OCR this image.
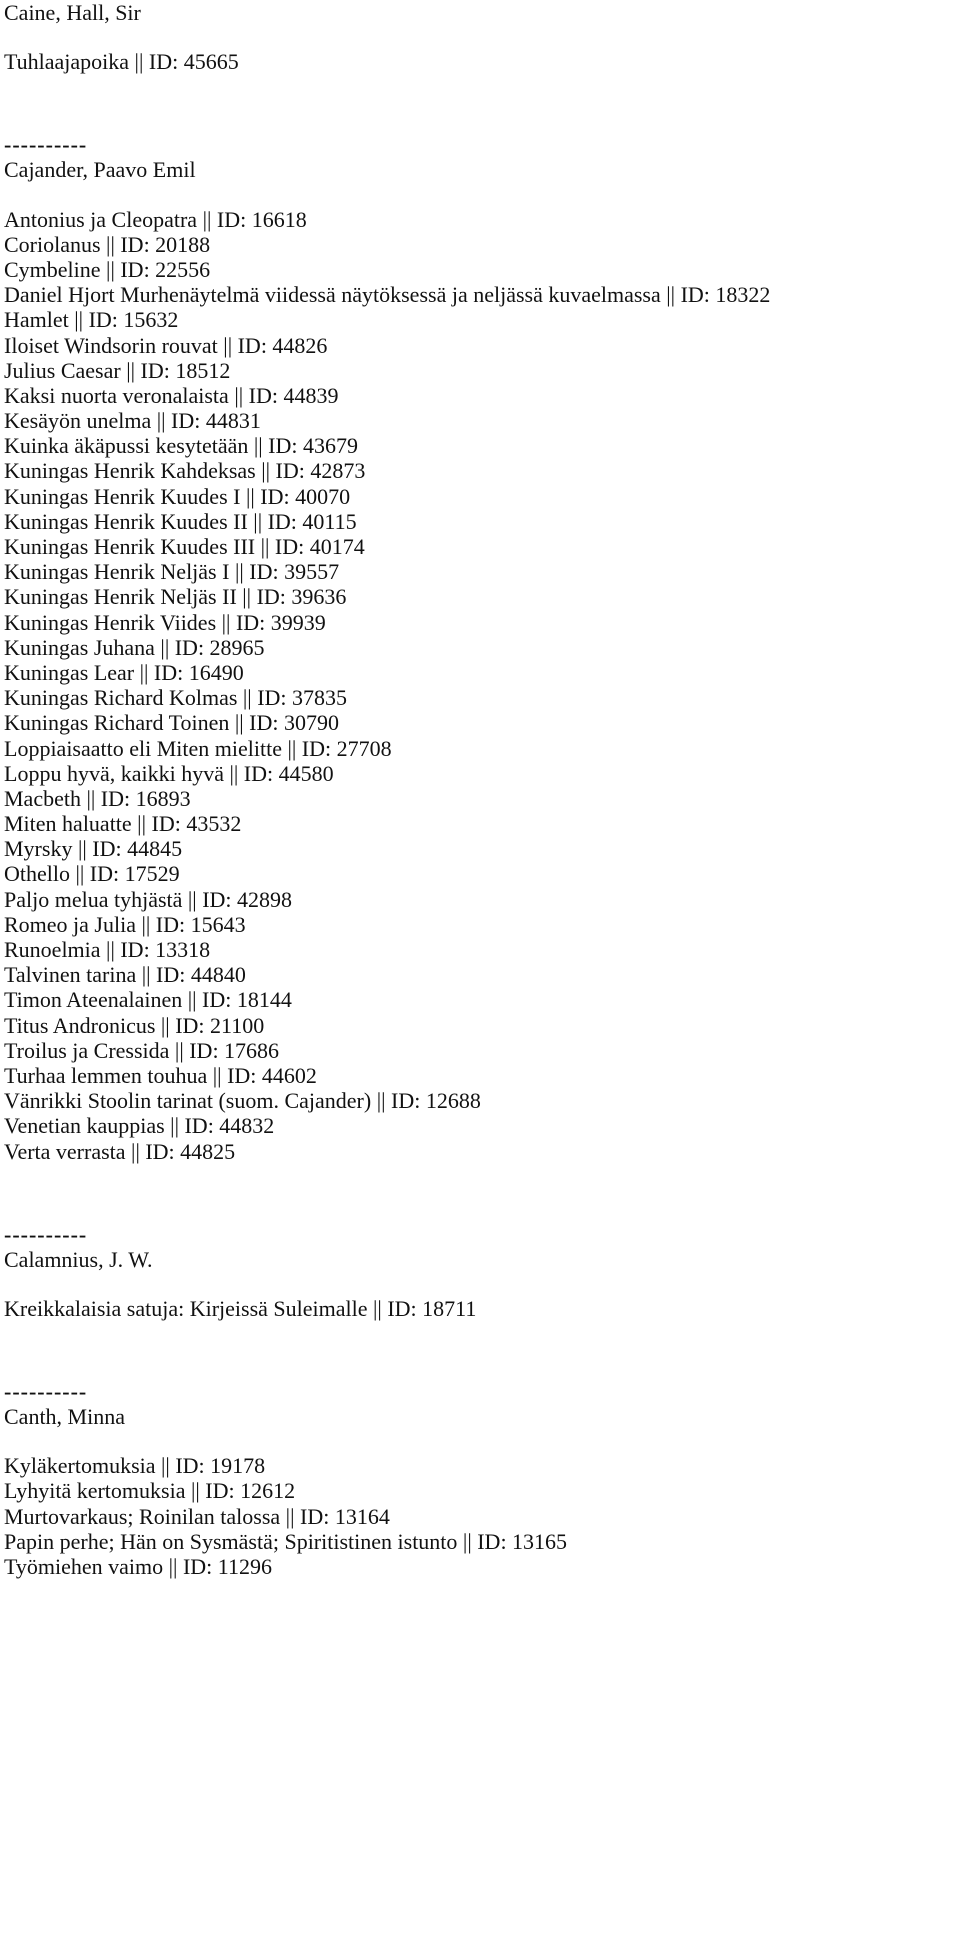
Caine, Hall, Sir
Tuhlaajapoika || ID: 45665
----------
Cajander, Paavo Emil
Antonius ja Cleopatra || ID: 16618
Coriolanus || ID: 20188
Cymbeline || ID: 22556
Daniel Hjort Murhenäytelmä viidessä näytöksessä ja neljässä kuvaelmassa || ID: 18322
Hamlet || ID: 15632
Iloiset Windsorin rouvat || ID: 44826
Julius Caesar || ID: 18512
Kaksi nuorta veronalaista || ID: 44839
Kesäyön unelma || ID: 44831
Kuinka äkäpussi kesytetään || ID: 43679
Kuningas Henrik Kahdeksas || ID: 42873
Kuningas Henrik Kuudes I || ID: 40070
Kuningas Henrik Kuudes II || ID: 40115
Kuningas Henrik Kuudes III || ID: 40174
Kuningas Henrik Neljäs I || ID: 39557
Kuningas Henrik Neljäs II || ID: 39636
Kuningas Henrik Viides || ID: 39939
Kuningas Juhana || ID: 28965
Kuningas Lear || ID: 16490
Kuningas Richard Kolmas || ID: 37835
Kuningas Richard Toinen || ID: 30790
Loppiaisaatto eli Miten mielitte || ID: 27708
Loppu hyvä, kaikki hyvä || ID: 44580
Macbeth || ID: 16893
Miten haluatte || ID: 43532
Myrsky || ID: 44845
Othello || ID: 17529
Paljo melua tyhjästä || ID: 42898
Romeo ja Julia || ID: 15643
Runoelmia || ID: 13318
Talvinen tarina || ID: 44840
Timon Ateenalainen || ID: 18144
Titus Andronicus || ID: 21100
Troilus ja Cressida || ID: 17686
Turhaa lemmen touhua || ID: 44602
Vänrikki Stoolin tarinat (suom. Cajander) || ID: 12688
Venetian kauppias || ID: 44832
Verta verrasta || ID: 44825
----------
Calamnius, J. W.
Kreikkalaisia satuja: Kirjeissä Suleimalle || ID: 18711
----------
Canth, Minna
Kyläkertomuksia || ID: 19178
Lyhyitä kertomuksia || ID: 12612
Murtovarkaus; Roinilan talossa || ID: 13164
Papin perhe; Hän on Sysmästä; Spiritistinen istunto || ID: 13165
Työmiehen vaimo || ID: 11296
